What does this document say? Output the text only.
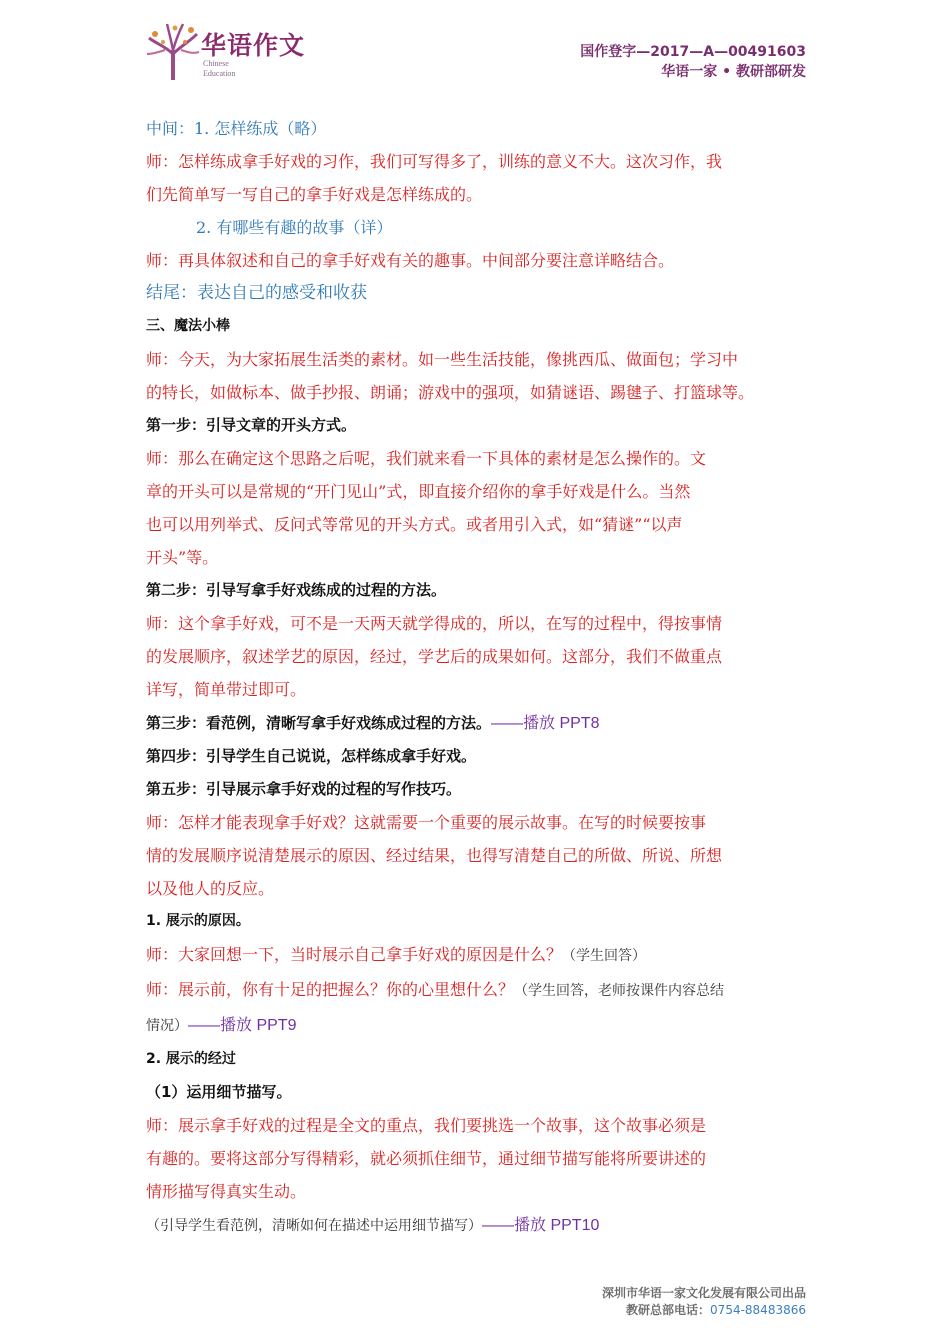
华语作文
Chinese
Education
国作登字—2017—A—00491603
华语一家 • 教研部研发
中间：1. 怎样练成（略）
师：怎样练成拿手好戏的习作，我们可写得多了，训练的意义不大。这次习作，我
们先简单写一写自己的拿手好戏是怎样练成的。
2. 有哪些有趣的故事（详）
师：再具体叙述和自己的拿手好戏有关的趣事。中间部分要注意详略结合。
结尾：表达自己的感受和收获
三、魔法小棒
师：今天，为大家拓展生活类的素材。如一些生活技能，像挑西瓜、做面包；学习中
的特长，如做标本、做手抄报、朗诵；游戏中的强项，如猜谜语、踢毽子、打篮球等。
第一步：引导文章的开头方式。
师：那么在确定这个思路之后呢，我们就来看一下具体的素材是怎么操作的。文
章的开头可以是常规的“开门见山”式，即直接介绍你的拿手好戏是什么。当然
也可以用列举式、反问式等常见的开头方式。或者用引入式，如“猜谜”“以声
开头”等。
第二步：引导写拿手好戏练成的过程的方法。
师：这个拿手好戏，可不是一天两天就学得成的，所以，在写的过程中，得按事情
的发展顺序，叙述学艺的原因，经过，学艺后的成果如何。这部分，我们不做重点
详写，简单带过即可。
第三步：看范例，清晰写拿手好戏练成过程的方法。——播放 PPT8
第四步：引导学生自己说说，怎样练成拿手好戏。
第五步：引导展示拿手好戏的过程的写作技巧。
师：怎样才能表现拿手好戏？这就需要一个重要的展示故事。在写的时候要按事
情的发展顺序说清楚展示的原因、经过结果，也得写清楚自己的所做、所说、所想
以及他人的反应。
1. 展示的原因。
师：大家回想一下，当时展示自己拿手好戏的原因是什么？（学生回答）
师：展示前，你有十足的把握么？你的心里想什么？（学生回答，老师按课件内容总结
情况）——播放 PPT9
2. 展示的经过
（1）运用细节描写。
师：展示拿手好戏的过程是全文的重点，我们要挑选一个故事，这个故事必须是
有趣的。要将这部分写得精彩，就必须抓住细节，通过细节描写能将所要讲述的
情形描写得真实生动。
（引导学生看范例，清晰如何在描述中运用细节描写）——播放 PPT10
深圳市华语一家文化发展有限公司出品
教研总部电话：0754-88483866
